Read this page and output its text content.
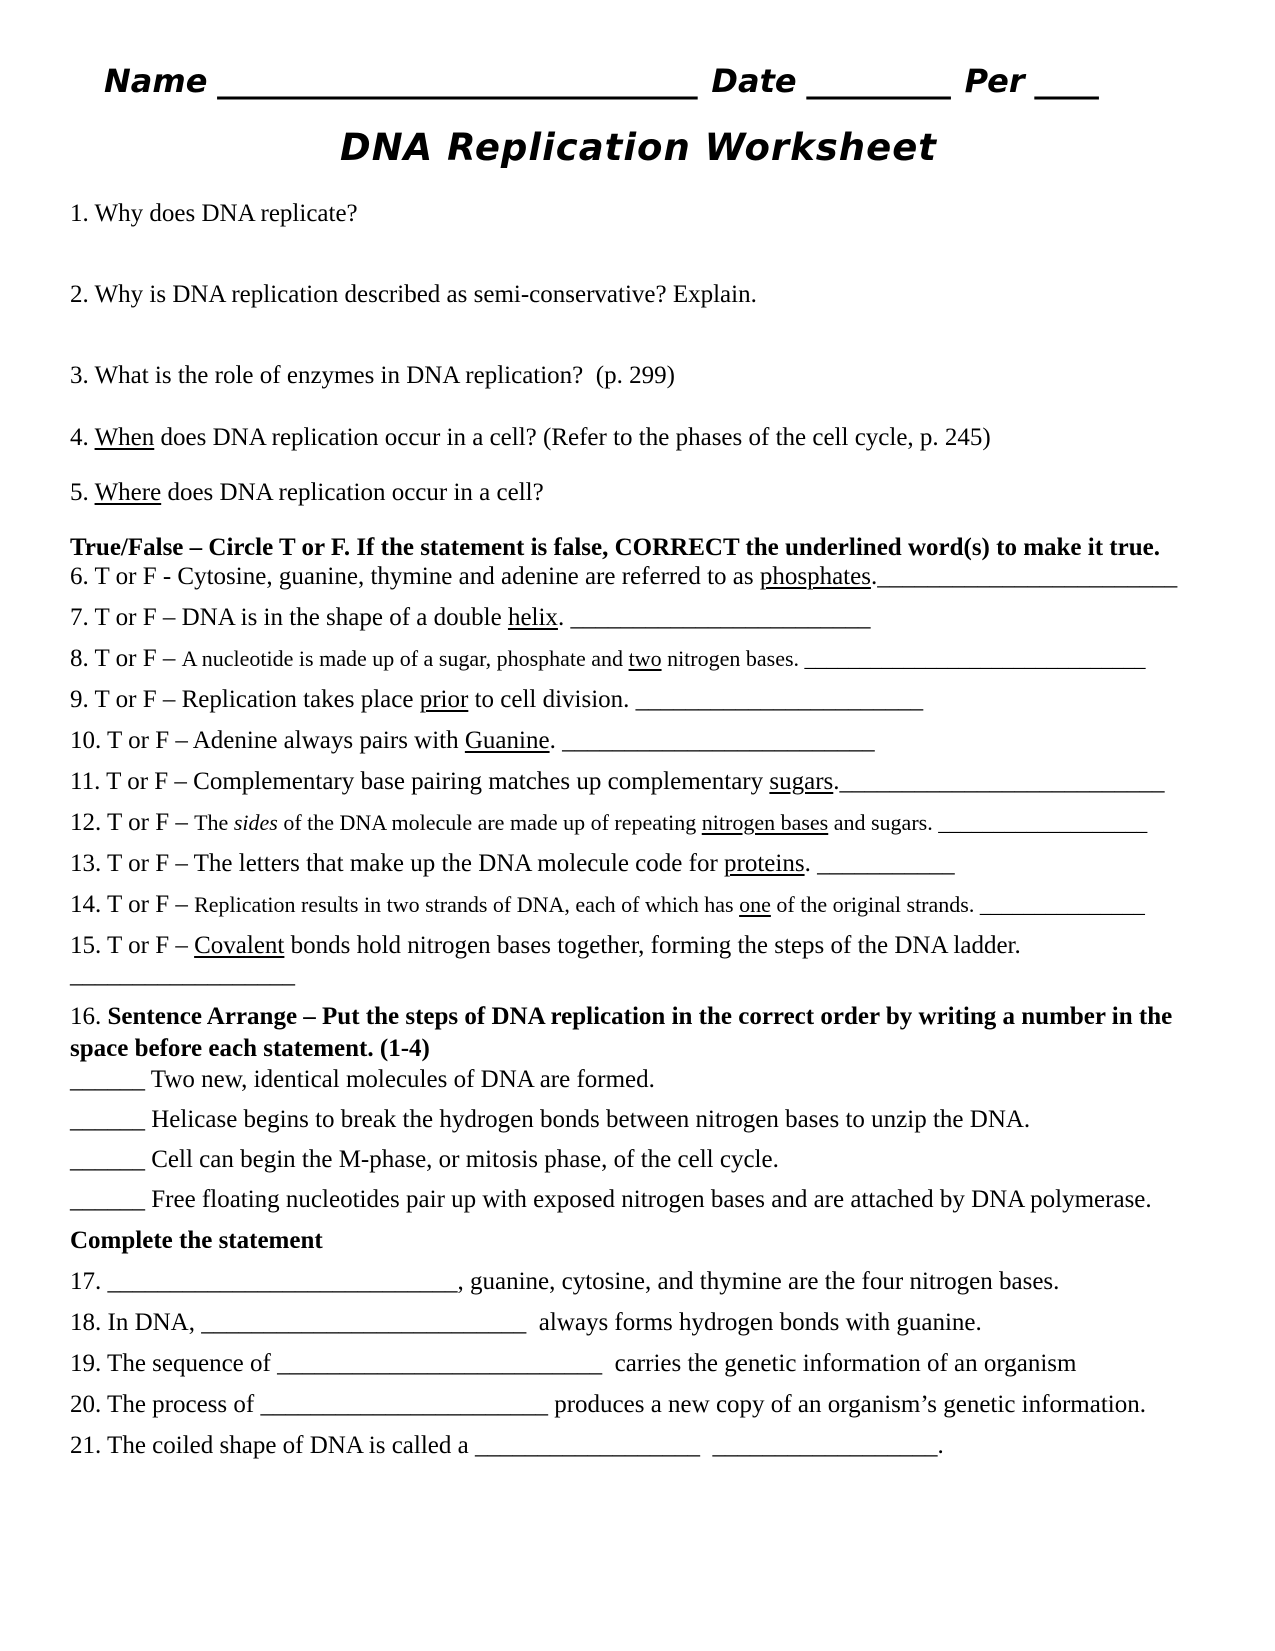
Name ______________________________ Date _________ Per ____
DNA Replication Worksheet
1. Why does DNA replicate?
2. Why is DNA replication described as semi-conservative? Explain.
3. What is the role of enzymes in DNA replication?  (p. 299)
4. When does DNA replication occur in a cell? (Refer to the phases of the cell cycle, p. 245)
5. Where does DNA replication occur in a cell?
True/False – Circle T or F. If the statement is false, CORRECT the underlined word(s) to make it true.
6. T or F - Cytosine, guanine, thymine and adenine are referred to as phosphates.________________________
7. T or F – DNA is in the shape of a double helix. ________________________
8. T or F – A nucleotide is made up of a sugar, phosphate and two nitrogen bases. _______________________________
9. T or F – Replication takes place prior to cell division. _______________________
10. T or F – Adenine always pairs with Guanine. _________________________
11. T or F – Complementary base pairing matches up complementary sugars.__________________________
12. T or F – The sides of the DNA molecule are made up of repeating nitrogen bases and sugars. ___________________
13. T or F – The letters that make up the DNA molecule code for proteins. ___________
14. T or F – Replication results in two strands of DNA, each of which has one of the original strands. _______________
15. T or F – Covalent bonds hold nitrogen bases together, forming the steps of the DNA ladder. __________________
16. Sentence Arrange – Put the steps of DNA replication in the correct order by writing a number in the space before each statement. (1-4)
______ Two new, identical molecules of DNA are formed.
______ Helicase begins to break the hydrogen bonds between nitrogen bases to unzip the DNA.
______ Cell can begin the M-phase, or mitosis phase, of the cell cycle.
______ Free floating nucleotides pair up with exposed nitrogen bases and are attached by DNA polymerase.
Complete the statement
17. ____________________________, guanine, cytosine, and thymine are the four nitrogen bases.
18. In DNA, __________________________  always forms hydrogen bonds with guanine.
19. The sequence of __________________________  carries the genetic information of an organism
20. The process of _______________________ produces a new copy of an organism’s genetic information.
21. The coiled shape of DNA is called a __________________ __________________.
